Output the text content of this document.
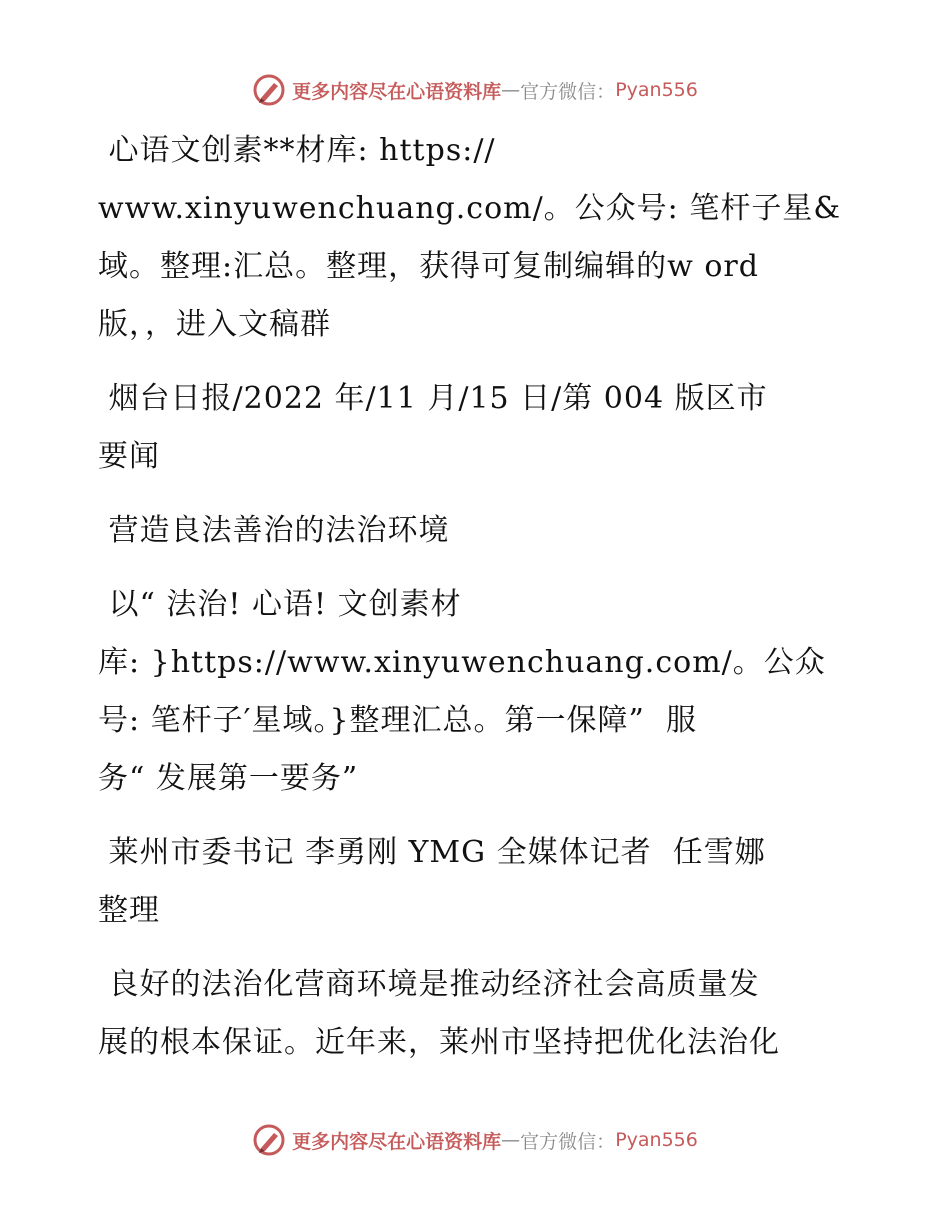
更多内容尽在心语资料库 — 官方微信： Pyan556

心语文创素**材库: https://
www.xinyuwenchuang.com/。公众号: 笔杆子星&
域。整理:汇总。整理，获得可复制编辑的w ord
版，，进入文稿群

烟台日报/2022 年/11 月/15 日/第 004 版区市
要闻

营造良法善治的法治环境

以“ 法治! 心语! 文创素材
库: }https://www.xinyuwenchuang.com/。公众
号: 笔杆子′星域。}整理汇总。第一保障”  服
务“ 发展第一要务”

莱州市委书记 李勇刚 YMG 全媒体记者  任雪娜
整理

良好的法治化营商环境是推动经济社会高质量发
展的根本保证。近年来，莱州市坚持把优化法治化

更多内容尽在心语资料库 — 官方微信： Pyan556
